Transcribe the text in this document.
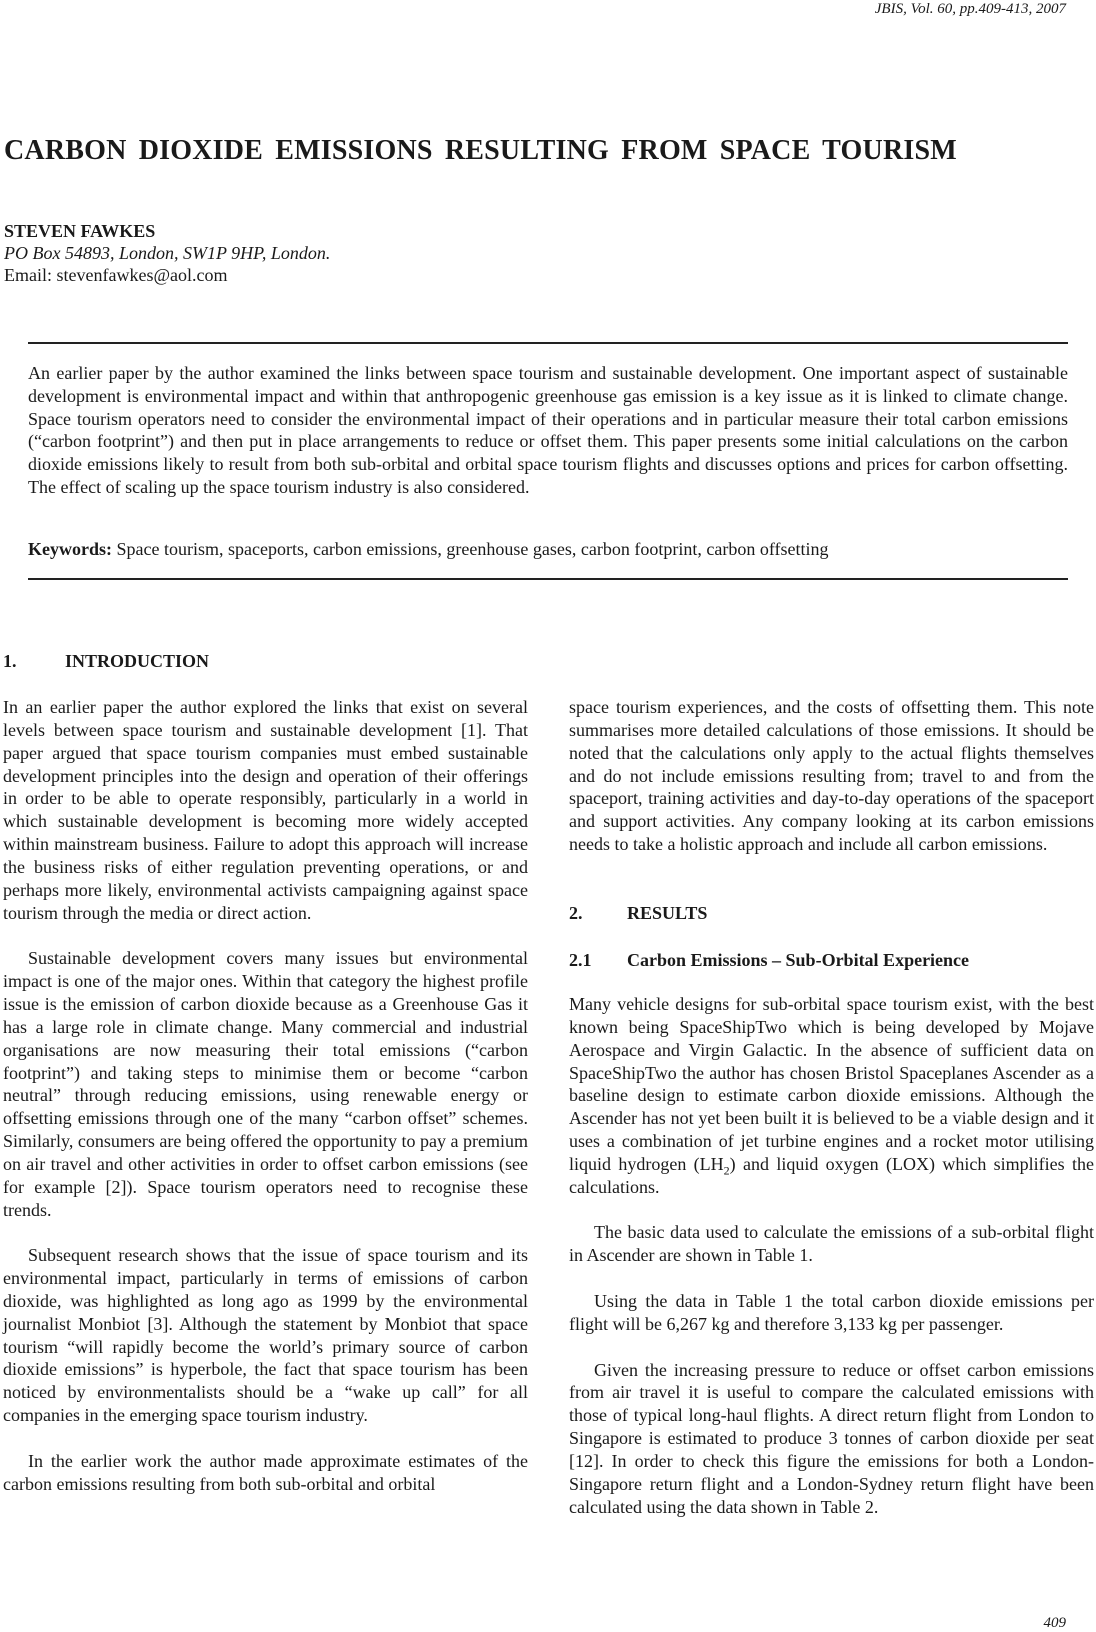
JBIS, Vol. 60, pp.409-413, 2007
CARBON DIOXIDE EMISSIONS RESULTING FROM SPACE TOURISM
STEVEN FAWKES
PO Box 54893, London, SW1P 9HP, London.
Email: stevenfawkes@aol.com

An earlier paper by the author examined the links between space tourism and sustainable development. One important aspect of sustainable development is environmental impact and within that anthropogenic greenhouse gas emission is a key issue as it is linked to climate change. Space tourism operators need to consider the environmental impact of their operations and in particular measure their total carbon emissions (“carbon footprint”) and then put in place arrangements to reduce or offset them. This paper presents some initial calculations on the carbon dioxide emissions likely to result from both sub-orbital and orbital space tourism flights and discusses options and prices for carbon offsetting. The effect of scaling up the space tourism industry is also considered.

Keywords: Space tourism, spaceports, carbon emissions, greenhouse gases, carbon footprint, carbon offsetting

1.	INTRODUCTION

In an earlier paper the author explored the links that exist on several levels between space tourism and sustainable development [1]. That paper argued that space tourism companies must embed sustainable development principles into the design and operation of their offerings in order to be able to operate responsibly, particularly in a world in which sustainable development is becoming more widely accepted within mainstream business. Failure to adopt this approach will increase the business risks of either regulation preventing operations, or and perhaps more likely, environmental activists campaigning against space tourism through the media or direct action.

Sustainable development covers many issues but environmental impact is one of the major ones. Within that category the highest profile issue is the emission of carbon dioxide because as a Greenhouse Gas it has a large role in climate change. Many commercial and industrial organisations are now measuring their total emissions (“carbon footprint”) and taking steps to minimise them or become “carbon neutral” through reducing emissions, using renewable energy or offsetting emissions through one of the many “carbon offset” schemes. Similarly, consumers are being offered the opportunity to pay a premium on air travel and other activities in order to offset carbon emissions (see for example [2]). Space tourism operators need to recognise these trends.

Subsequent research shows that the issue of space tourism and its environmental impact, particularly in terms of emissions of carbon dioxide, was highlighted as long ago as 1999 by the environmental journalist Monbiot [3]. Although the statement by Monbiot that space tourism “will rapidly become the world’s primary source of carbon dioxide emissions” is hyperbole, the fact that space tourism has been noticed by environmentalists should be a “wake up call” for all companies in the emerging space tourism industry.

In the earlier work the author made approximate estimates of the carbon emissions resulting from both sub-orbital and orbital

space tourism experiences, and the costs of offsetting them. This note summarises more detailed calculations of those emissions. It should be noted that the calculations only apply to the actual flights themselves and do not include emissions resulting from; travel to and from the spaceport, training activities and day-to-day operations of the spaceport and support activities. Any company looking at its carbon emissions needs to take a holistic approach and include all carbon emissions.

2. RESULTS
2.1 Carbon Emissions – Sub-Orbital Experience

Many vehicle designs for sub-orbital space tourism exist, with the best known being SpaceShipTwo which is being developed by Mojave Aerospace and Virgin Galactic. In the absence of sufficient data on SpaceShipTwo the author has chosen Bristol Spaceplanes Ascender as a baseline design to estimate carbon dioxide emissions. Although the Ascender has not yet been built it is believed to be a viable design and it uses a combination of jet turbine engines and a rocket motor utilising liquid hydrogen $(LH_2)$ and liquid oxygen (LOX) which simplifies the calculations.

The basic data used to calculate the emissions of a sub-orbital flight in Ascender are shown in Table 1.

Using the data in Table 1 the total carbon dioxide emissions per flight will be 6,267 kg and therefore 3,133 kg per passenger.

Given the increasing pressure to reduce or offset carbon emissions from air travel it is useful to compare the calculated emissions with those of typical long-haul flights. A direct return flight from London to Singapore is estimated to produce 3 tonnes of carbon dioxide per seat [12]. In order to check this figure the emissions for both a London-Singapore return flight and a London-Sydney return flight have been calculated using the data shown in Table 2.

409
